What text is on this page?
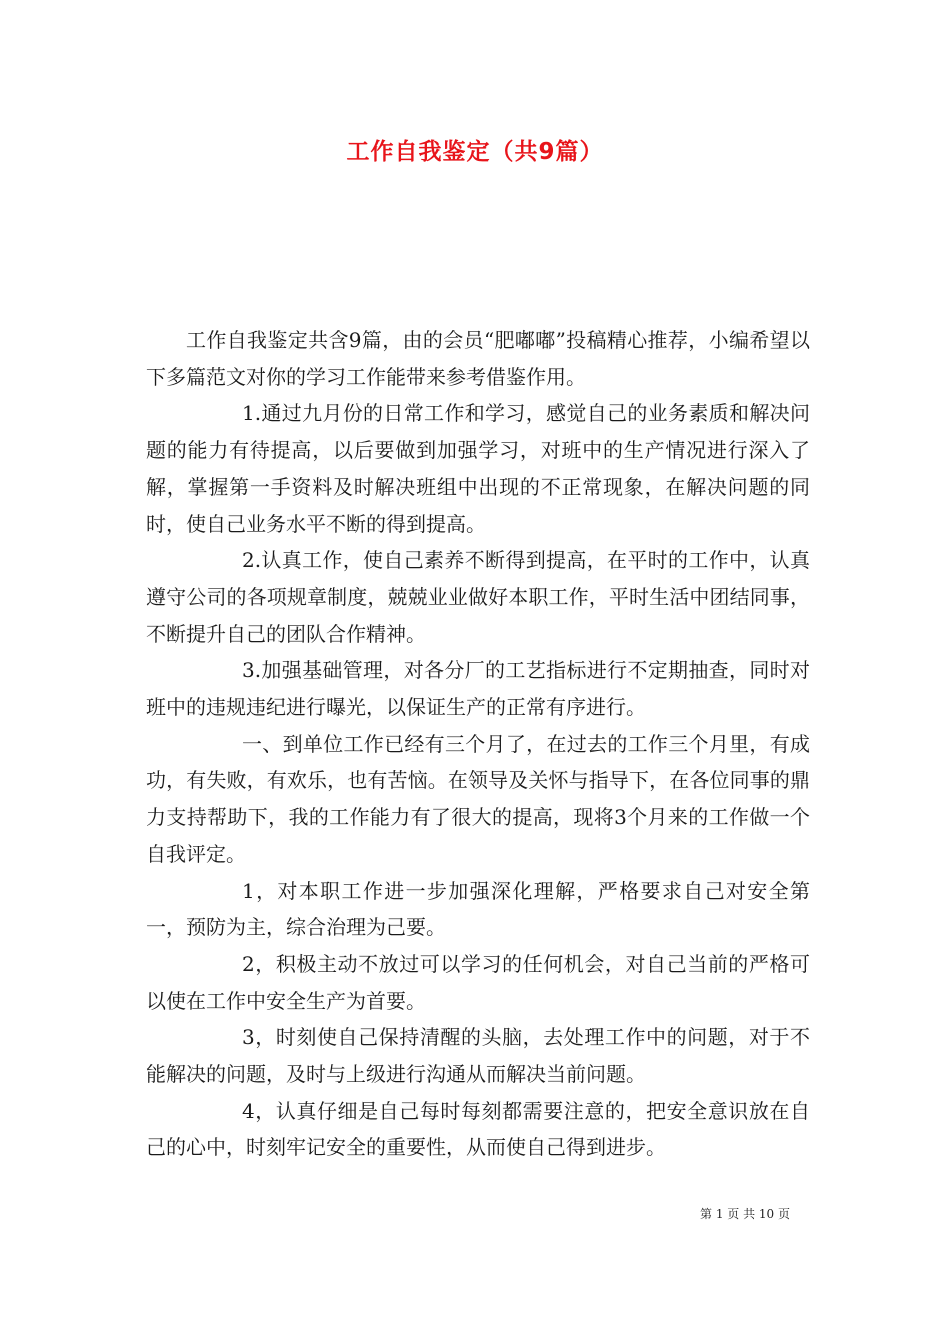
工作自我鉴定（共9篇）

工作自我鉴定共含9篇，由的会员“肥嘟嘟”投稿精心推荐，小编希望以下多篇范文对你的学习工作能带来参考借鉴作用。

1.通过九月份的日常工作和学习，感觉自己的业务素质和解决问题的能力有待提高，以后要做到加强学习，对班中的生产情况进行深入了解，掌握第一手资料及时解决班组中出现的不正常现象，在解决问题的同时，使自己业务水平不断的得到提高。

2.认真工作，使自己素养不断得到提高，在平时的工作中，认真遵守公司的各项规章制度，兢兢业业做好本职工作，平时生活中团结同事，不断提升自己的团队合作精神。

3.加强基础管理，对各分厂的工艺指标进行不定期抽查，同时对班中的违规违纪进行曝光，以保证生产的正常有序进行。

一、到单位工作已经有三个月了，在过去的工作三个月里，有成功，有失败，有欢乐，也有苦恼。在领导及关怀与指导下，在各位同事的鼎力支持帮助下，我的工作能力有了很大的提高，现将3个月来的工作做一个自我评定。

1，对本职工作进一步加强深化理解，严格要求自己对安全第一，预防为主，综合治理为己要。

2，积极主动不放过可以学习的任何机会，对自己当前的严格可以使在工作中安全生产为首要。

3，时刻使自己保持清醒的头脑，去处理工作中的问题，对于不能解决的问题，及时与上级进行沟通从而解决当前问题。

4，认真仔细是自己每时每刻都需要注意的，把安全意识放在自己的心中，时刻牢记安全的重要性，从而使自己得到进步。

第 1 页 共 10 页
